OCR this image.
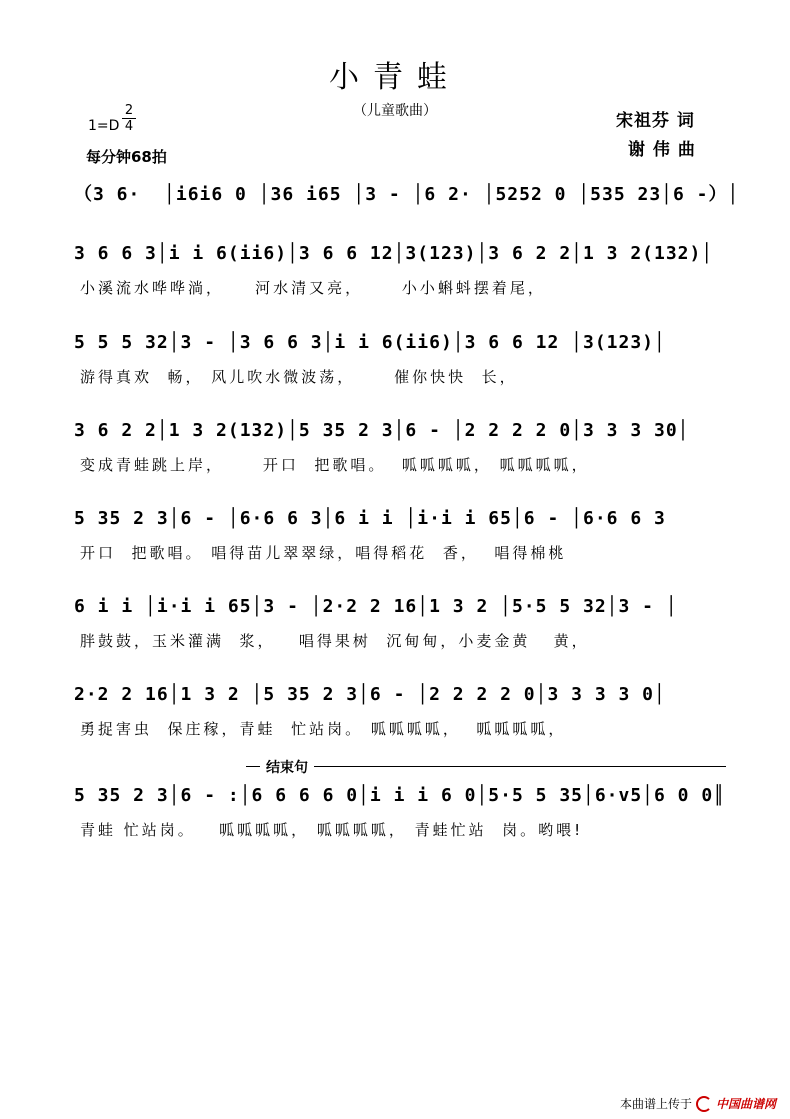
小青蛙
（儿童歌曲）	宋祖芬 词
谢 伟 曲
1=D
2
4
每分钟68拍
（3 6·  │i6i6 0 │36 i65 │3 - │6 2· │5252 0 │535 23│6 -）│
3 6 6 3│i i 6(ii6)│3 6 6 12│3(123)│3 6 2 2│1 3 2(132)│
小溪流水哗哗淌，    河水清又亮，     小小蝌蚪摆着尾，
5 5 5 32│3 - │3 6 6 3│i i 6(ii6)│3 6 6 12 │3(123)│
游得真欢  畅， 风儿吹水微波荡，     催你快快  长，
3 6 2 2│1 3 2(132)│5 35 2 3│6 - │2 2 2 2 0│3 3 3 30│
变成青蛙跳上岸，     开口  把歌唱。  呱呱呱呱， 呱呱呱呱，
5 35 2 3│6 - │6·6 6 3│6 i i │i·i i 65│6 - │6·6 6 3
开口  把歌唱。 唱得苗儿翠翠绿，唱得稻花  香，  唱得棉桃
6 i i │i·i i 65│3 - │2·2 2 16│1 3 2 │5·5 5 32│3 - │
胖鼓鼓，玉米灌满  浆，   唱得果树  沉甸甸，小麦金黄   黄，
2·2 2 16│1 3 2 │5 35 2 3│6 - │2 2 2 2 0│3 3 3 3 0│
勇捉害虫  保庄稼，青蛙  忙站岗。 呱呱呱呱，  呱呱呱呱，
结束句
5 35 2 3│6 - :│6 6 6 6 0│i i i 6 0│5·5 5 35│6·v5│6 0 0║
青蛙 忙站岗。   呱呱呱呱， 呱呱呱呱， 青蛙忙站  岗。哟喂!
本曲谱上传于 中国曲谱网
